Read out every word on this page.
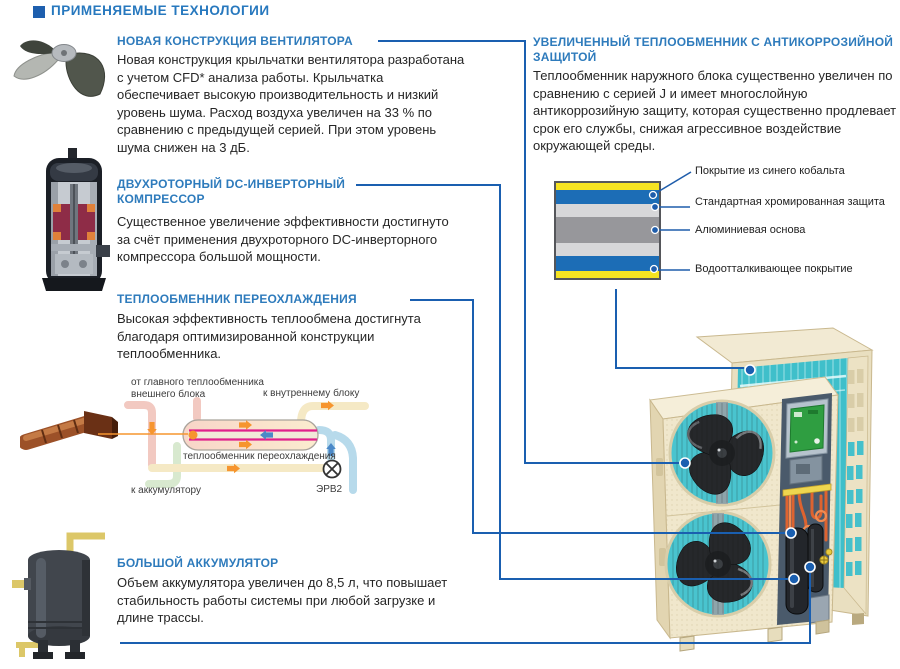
ПРИМЕНЯЕМЫЕ ТЕХНОЛОГИИ
НОВАЯ КОНСТРУКЦИЯ ВЕНТИЛЯТОРА
Новая конструкция крыльчатки вентилятора разработана с учетом CFD* анализа работы. Крыльчатка обеспечивает высокую производительность и низкий уровень шума. Расход воздуха увеличен на 33 % по сравнению с предыдущей серией. При этом уровень шума снижен на 3 дБ.
ДВУХРОТОРНЫЙ DC-ИНВЕРТОРНЫЙ КОМПРЕССОР
Существенное увеличение эффективности достигнуто за счёт применения двухроторного DC-инверторного компрессора большой мощности.
ТЕПЛООБМЕННИК ПЕРЕОХЛАЖДЕНИЯ
Высокая эффективность теплообмена достигнута благодаря оптимизированной конструкции теплообменника.
БОЛЬШОЙ АККУМУЛЯТОР
Объем аккумулятора увеличен до 8,5 л, что повышает стабильность работы системы при любой загрузке и длине трассы.
УВЕЛИЧЕННЫЙ ТЕПЛООБМЕННИК С АНТИКОРРОЗИЙНОЙ ЗАЩИТОЙ
Теплообменник наружного блока существенно увеличен по сравнению с серией J и имеет многослойную антикоррозийную защиту, которая существенно продлевает срок его службы, снижая агрессивное воздействие окружающей среды.
Покрытие из синего кобальта
Стандартная хромированная защита
Алюминиевая основа
Водоотталкивающее покрытие
от главного теплообменника внешнего блока	к внутреннему блоку
теплообменник переохлаждения
к аккумулятору	ЭРВ2
